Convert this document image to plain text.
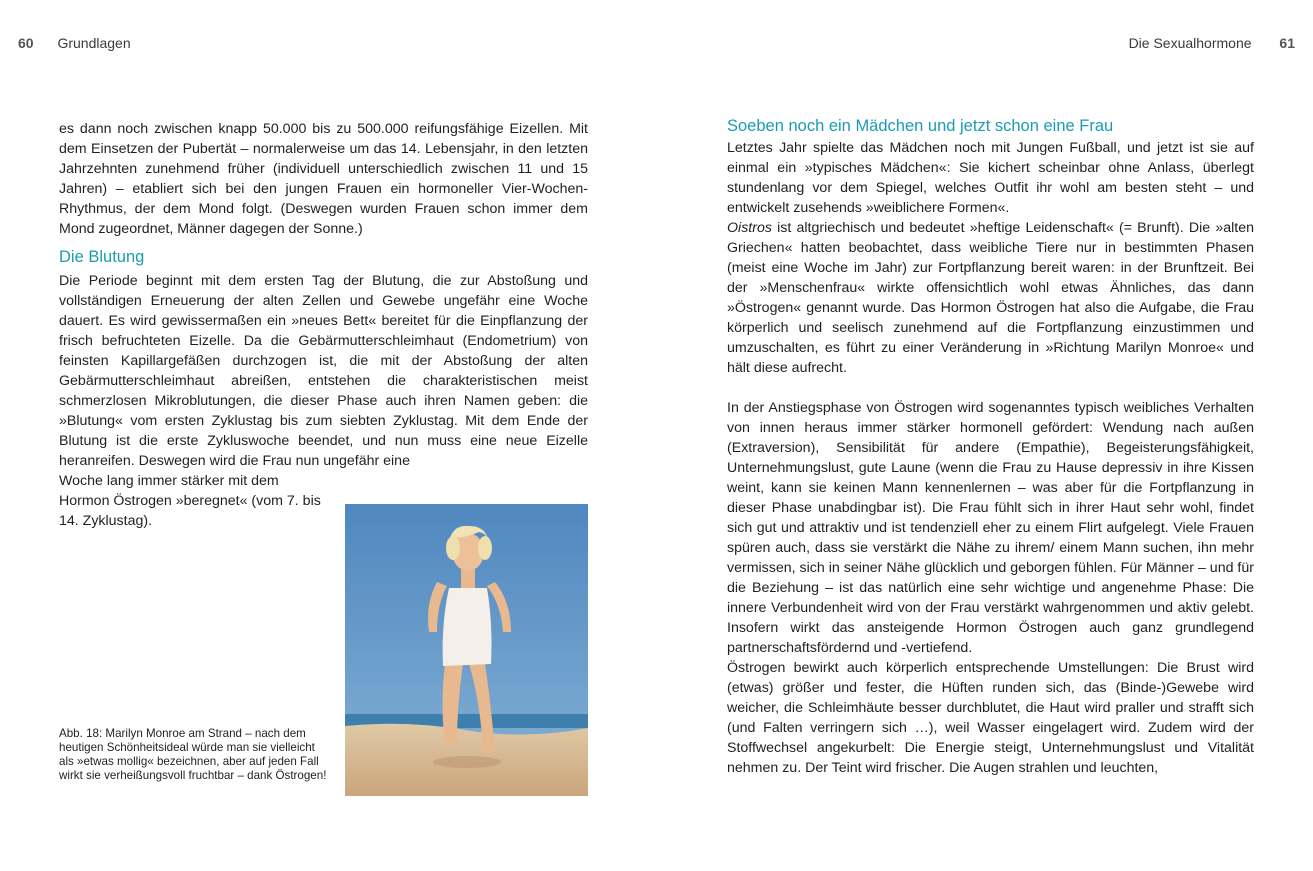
60 Grundlagen	Die Sexualhormone 61

es dann noch zwischen knapp 50.000 bis zu 500.000 reifungsfähige Eizellen. Mit dem Einsetzen der Pubertät – normalerweise um das 14. Lebensjahr, in den letzten Jahrzehnten zunehmend früher (individuell unterschiedlich zwischen 11 und 15 Jahren) – etabliert sich bei den jungen Frauen ein hormoneller Vier-Wochen-Rhythmus, der dem Mond folgt. (Deswegen wurden Frauen schon immer dem Mond zugeordnet, Männer dagegen der Sonne.)

Die Blutung

Die Periode beginnt mit dem ersten Tag der Blutung, die zur Abstoßung und vollständigen Erneuerung der alten Zellen und Gewebe ungefähr eine Woche dauert. Es wird gewissermaßen ein »neues Bett« bereitet für die Einpflanzung der frisch befruchteten Eizelle. Da die Gebärmutterschleimhaut (Endometrium) von feinsten Kapillargefäßen durchzogen ist, die mit der Abstoßung der alten Gebärmutterschleimhaut abreißen, entstehen die charakteristischen meist schmerzlosen Mikroblutungen, die dieser Phase auch ihren Namen geben: die »Blutung« vom ersten Zyklustag bis zum siebten Zyklustag. Mit dem Ende der Blutung ist die erste Zykluswoche beendet, und nun muss eine neue Eizelle heranreifen. Deswegen wird die Frau nun ungefähr eine

Woche lang immer stärker mit dem Hormon Östrogen »beregnet« (vom 7. bis 14. Zyklustag).

Abb. 18: Marilyn Monroe am Strand – nach dem heutigen Schönheitsideal würde man sie vielleicht als »etwas mollig« bezeichnen, aber auf jeden Fall wirkt sie verheißungsvoll fruchtbar – dank Östrogen!
Soeben noch ein Mädchen und jetzt schon eine Frau

Letztes Jahr spielte das Mädchen noch mit Jungen Fußball, und jetzt ist sie auf einmal ein »typisches Mädchen«: Sie kichert scheinbar ohne Anlass, überlegt stundenlang vor dem Spiegel, welches Outfit ihr wohl am besten steht – und entwickelt zusehends »weiblichere Formen«.

Oistros ist altgriechisch und bedeutet »heftige Leidenschaft« (= Brunft). Die »alten Griechen« hatten beobachtet, dass weibliche Tiere nur in bestimmten Phasen (meist eine Woche im Jahr) zur Fortpflanzung bereit waren: in der Brunftzeit. Bei der »Menschenfrau« wirkte offensichtlich wohl etwas Ähnliches, das dann »Östrogen« genannt wurde. Das Hormon Östrogen hat also die Aufgabe, die Frau körperlich und seelisch zunehmend auf die Fortpflanzung einzustimmen und umzuschalten, es führt zu einer Veränderung in »Richtung Marilyn Monroe« und hält diese aufrecht.

In der Anstiegsphase von Östrogen wird sogenanntes typisch weibliches Verhalten von innen heraus immer stärker hormonell gefördert: Wendung nach außen (Extraversion), Sensibilität für andere (Empathie), Begeisterungsfähigkeit, Unternehmungslust, gute Laune (wenn die Frau zu Hause depressiv in ihre Kissen weint, kann sie keinen Mann kennenlernen – was aber für die Fortpflanzung in dieser Phase unabdingbar ist). Die Frau fühlt sich in ihrer Haut sehr wohl, findet sich gut und attraktiv und ist tendenziell eher zu einem Flirt aufgelegt. Viele Frauen spüren auch, dass sie verstärkt die Nähe zu ihrem/ einem Mann suchen, ihn mehr vermissen, sich in seiner Nähe glücklich und geborgen fühlen. Für Männer – und für die Beziehung – ist das natürlich eine sehr wichtige und angenehme Phase: Die innere Verbundenheit wird von der Frau verstärkt wahrgenommen und aktiv gelebt. Insofern wirkt das ansteigende Hormon Östrogen auch ganz grundlegend partnerschaftsfördernd und -vertiefend.

Östrogen bewirkt auch körperlich entsprechende Umstellungen: Die Brust wird (etwas) größer und fester, die Hüften runden sich, das (Binde-)Gewebe wird weicher, die Schleimhäute besser durchblutet, die Haut wird praller und strafft sich (und Falten verringern sich …), weil Wasser eingelagert wird. Zudem wird der Stoffwechsel angekurbelt: Die Energie steigt, Unternehmungslust und Vitalität nehmen zu. Der Teint wird frischer. Die Augen strahlen und leuchten,
